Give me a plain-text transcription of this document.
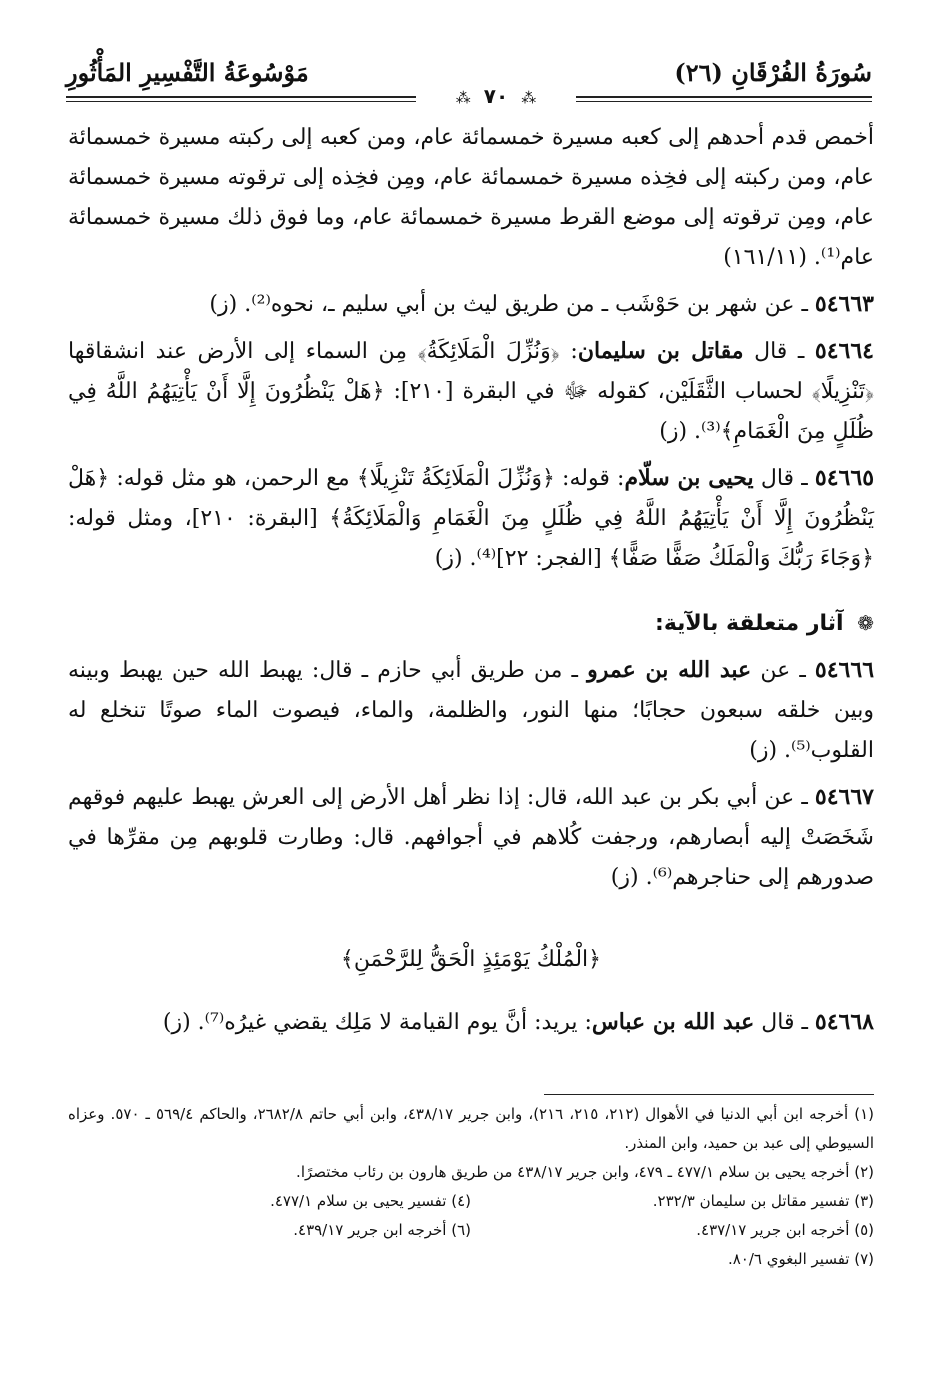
سُورَةُ الفُرْقَانِ (٢٦)
مَوْسُوعَةُ التَّفْسِيرِ المَأْثُورِ
⁂ ٧٠ ⁂

أخمص قدم أحدهم إلى كعبه مسيرة خمسمائة عام، ومن كعبه إلى ركبته مسيرة خمسمائة عام، ومن ركبته إلى فخِذه مسيرة خمسمائة عام، ومِن فخِذه إلى ترقوته مسيرة خمسمائة عام، ومِن ترقوته إلى موضع القرط مسيرة خمسمائة عام، وما فوق ذلك مسيرة خمسمائة عام⁽¹⁾. (١٦١/١١)

٥٤٦٦٣ ـ عن شهر بن حَوْشَب ـ من طريق ليث بن أبي سليم ـ، نحوه⁽²⁾. (ز)

٥٤٦٦٤ ـ قال مقاتل بن سليمان: ﴿وَنُزِّلَ الْمَلَائِكَةُ﴾ مِن السماء إلى الأرض عند انشقاقها ﴿تَنْزِيلًا﴾ لحساب الثَّقَلَيْن، كقوله ﷻ في البقرة [٢١٠]: ﴿هَلْ يَنْظُرُونَ إِلَّا أَنْ يَأْتِيَهُمُ اللَّهُ فِي ظُلَلٍ مِنَ الْغَمَامِ﴾⁽³⁾. (ز)

٥٤٦٦٥ ـ قال يحيى بن سلّام: قوله: ﴿وَنُزِّلَ الْمَلَائِكَةُ تَنْزِيلًا﴾ مع الرحمن، هو مثل قوله: ﴿هَلْ يَنْظُرُونَ إِلَّا أَنْ يَأْتِيَهُمُ اللَّهُ فِي ظُلَلٍ مِنَ الْغَمَامِ وَالْمَلَائِكَةُ﴾ [البقرة: ٢١٠]، ومثل قوله: ﴿وَجَاءَ رَبُّكَ وَالْمَلَكُ صَفًّا صَفًّا﴾ [الفجر: ٢٢]⁽⁴⁾. (ز)

❁ آثار متعلقة بالآية:

٥٤٦٦٦ ـ عن عبد الله بن عمرو ـ من طريق أبي حازم ـ قال: يهبط الله حين يهبط وبينه وبين خلقه سبعون حجابًا؛ منها النور، والظلمة، والماء، فيصوت الماء صوتًا تنخلع له القلوب⁽⁵⁾. (ز)

٥٤٦٦٧ ـ عن أبي بكر بن عبد الله، قال: إذا نظر أهل الأرض إلى العرش يهبط عليهم فوقهم شَخَصَتْ إليه أبصارهم، ورجفت كُلاهم في أجوافهم. قال: وطارت قلوبهم مِن مقرِّها في صدورهم إلى حناجرهم⁽⁶⁾. (ز)

﴿الْمُلْكُ يَوْمَئِذٍ الْحَقُّ لِلرَّحْمَنِ﴾

٥٤٦٦٨ ـ قال عبد الله بن عباس: يريد: أنَّ يوم القيامة لا مَلِك يقضي غيرُه⁽⁷⁾. (ز)

(١) أخرجه ابن أبي الدنيا في الأهوال (٢١٢، ٢١٥، ٢١٦)، وابن جرير ٤٣٨/١٧، وابن أبي حاتم ٢٦٨٢/٨، والحاكم ٥٦٩/٤ ـ ٥٧٠. وعزاه السيوطي إلى عبد بن حميد، وابن المنذر.
(٢) أخرجه يحيى بن سلام ٤٧٧/١ ـ ٤٧٩، وابن جرير ٤٣٨/١٧ من طريق هارون بن رئاب مختصرًا.
(٣) تفسير مقاتل بن سليمان ٢٣٢/٣.
(٤) تفسير يحيى بن سلام ٤٧٧/١.
(٥) أخرجه ابن جرير ٤٣٧/١٧.
(٦) أخرجه ابن جرير ٤٣٩/١٧.
(٧) تفسير البغوي ٨٠/٦.
